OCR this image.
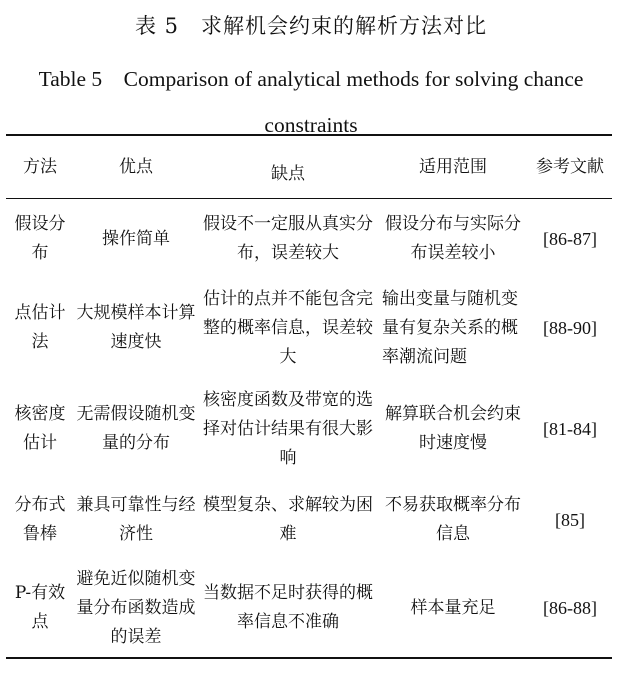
表 5　求解机会约束的解析方法对比
Table 5　Comparison of analytical methods for solving chance constraints
方法	优点	缺点	适用范围	参考文献
假设分布	操作简单	假设不一定服从真实分布，误差较大	假设分布与实际分布误差较小	[86-87]
点估计法	大规模样本计算速度快	估计的点并不能包含完整的概率信息，误差较大	输出变量与随机变量有复杂关系的概率潮流问题	[88-90]
核密度估计	无需假设随机变量的分布	核密度函数及带宽的选择对估计结果有很大影响	解算联合机会约束时速度慢	[81-84]
分布式鲁棒	兼具可靠性与经济性	模型复杂、求解较为困难	不易获取概率分布信息	[85]
P-有效点	避免近似随机变量分布函数造成的误差	当数据不足时获得的概率信息不准确	样本量充足	[86-88]
